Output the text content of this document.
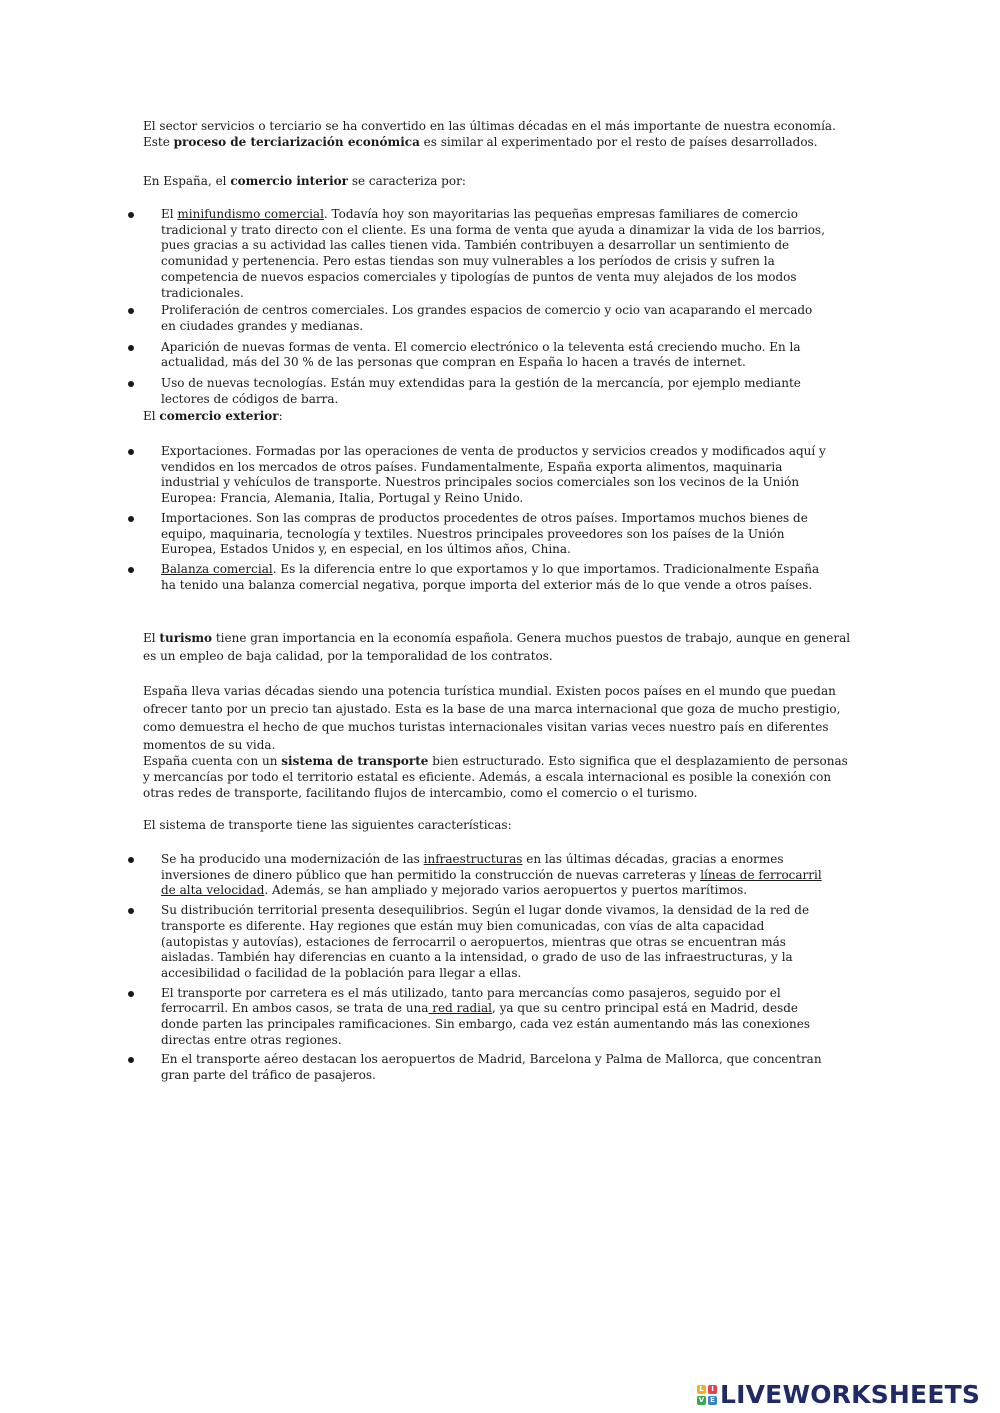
El sector servicios o terciario se ha convertido en las últimas décadas en el más importante de nuestra economía. Este proceso de terciarización económica es similar al experimentado por el resto de países desarrollados.

En España, el comercio interior se caracteriza por:

El minifundismo comercial. Todavía hoy son mayoritarias las pequeñas empresas familiares de comercio tradicional y trato directo con el cliente. Es una forma de venta que ayuda a dinamizar la vida de los barrios, pues gracias a su actividad las calles tienen vida. También contribuyen a desarrollar un sentimiento de comunidad y pertenencia. Pero estas tiendas son muy vulnerables a los períodos de crisis y sufren la competencia de nuevos espacios comerciales y tipologías de puntos de venta muy alejados de los modos tradicionales.
Proliferación de centros comerciales. Los grandes espacios de comercio y ocio van acaparando el mercado en ciudades grandes y medianas.
Aparición de nuevas formas de venta. El comercio electrónico o la televenta está creciendo mucho. En la actualidad, más del 30 % de las personas que compran en España lo hacen a través de internet.
Uso de nuevas tecnologías. Están muy extendidas para la gestión de la mercancía, por ejemplo mediante lectores de códigos de barra.

El comercio exterior:

Exportaciones. Formadas por las operaciones de venta de productos y servicios creados y modificados aquí y vendidos en los mercados de otros países. Fundamentalmente, España exporta alimentos, maquinaria industrial y vehículos de transporte. Nuestros principales socios comerciales son los vecinos de la Unión Europea: Francia, Alemania, Italia, Portugal y Reino Unido.
Importaciones. Son las compras de productos procedentes de otros países. Importamos muchos bienes de equipo, maquinaria, tecnología y textiles. Nuestros principales proveedores son los países de la Unión Europea, Estados Unidos y, en especial, en los últimos años, China.
Balanza comercial. Es la diferencia entre lo que exportamos y lo que importamos. Tradicionalmente España ha tenido una balanza comercial negativa, porque importa del exterior más de lo que vende a otros países.

El turismo tiene gran importancia en la economía española. Genera muchos puestos de trabajo, aunque en general es un empleo de baja calidad, por la temporalidad de los contratos.

España lleva varias décadas siendo una potencia turística mundial. Existen pocos países en el mundo que puedan ofrecer tanto por un precio tan ajustado. Esta es la base de una marca internacional que goza de mucho prestigio, como demuestra el hecho de que muchos turistas internacionales visitan varias veces nuestro país en diferentes momentos de su vida.

España cuenta con un sistema de transporte bien estructurado. Esto significa que el desplazamiento de personas y mercancías por todo el territorio estatal es eficiente. Además, a escala internacional es posible la conexión con otras redes de transporte, facilitando flujos de intercambio, como el comercio o el turismo.

El sistema de transporte tiene las siguientes características:

Se ha producido una modernización de las infraestructuras en las últimas décadas, gracias a enormes inversiones de dinero público que han permitido la construcción de nuevas carreteras y líneas de ferrocarril de alta velocidad. Además, se han ampliado y mejorado varios aeropuertos y puertos marítimos.
Su distribución territorial presenta desequilibrios. Según el lugar donde vivamos, la densidad de la red de transporte es diferente. Hay regiones que están muy bien comunicadas, con vías de alta capacidad (autopistas y autovías), estaciones de ferrocarril o aeropuertos, mientras que otras se encuentran más aisladas. También hay diferencias en cuanto a la intensidad, o grado de uso de las infraestructuras, y la accesibilidad o facilidad de la población para llegar a ellas.
El transporte por carretera es el más utilizado, tanto para mercancías como pasajeros, seguido por el ferrocarril. En ambos casos, se trata de una red radial, ya que su centro principal está en Madrid, desde donde parten las principales ramificaciones. Sin embargo, cada vez están aumentando más las conexiones directas entre otras regiones.
En el transporte aéreo destacan los aeropuertos de Madrid, Barcelona y Palma de Mallorca, que concentran gran parte del tráfico de pasajeros.
L	I
V E LIVEWORKSHEETS
